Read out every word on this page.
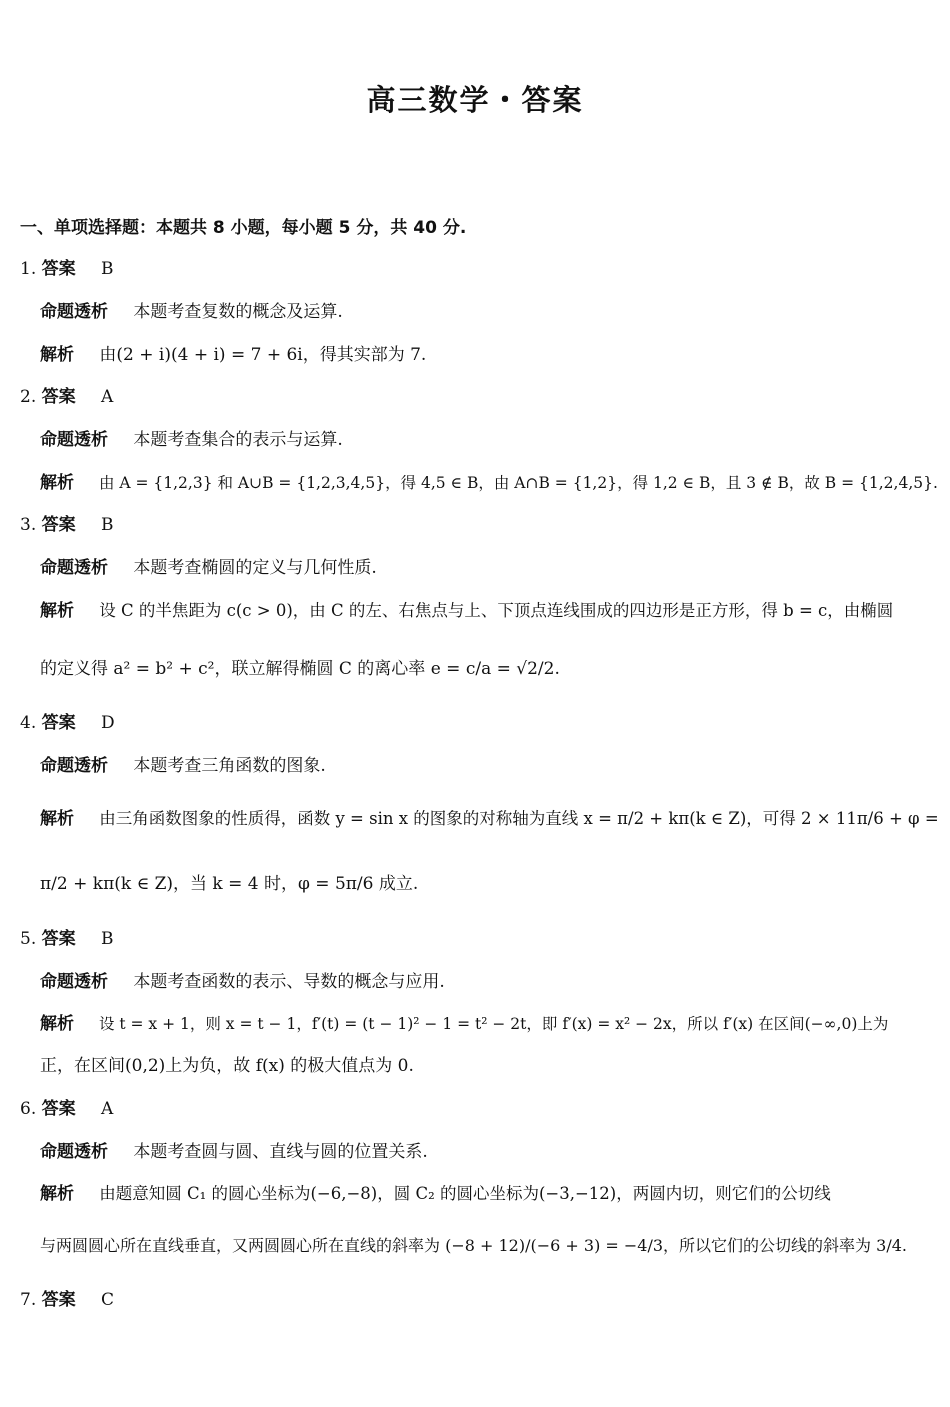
高三数学・答案
一、单项选择题：本题共 8 小题，每小题 5 分，共 40 分.
1. 答案 B
命题透析 本题考查复数的概念及运算.
解析 由(2 + i)(4 + i) = 7 + 6i，得其实部为 7.
2. 答案 A
命题透析 本题考查集合的表示与运算.
解析 由 A = {1,2,3} 和 A∪B = {1,2,3,4,5}，得 4,5 ∈ B，由 A∩B = {1,2}，得 1,2 ∈ B，且 3 ∉ B，故 B = {1,2,4,5}.
3. 答案 B
命题透析 本题考查椭圆的定义与几何性质.
解析 设 C 的半焦距为 c(c > 0)，由 C 的左、右焦点与上、下顶点连线围成的四边形是正方形，得 b = c，由椭圆
的定义得 a² = b² + c²，联立解得椭圆 C 的离心率 e = c/a = √2/2.
4. 答案 D
命题透析 本题考查三角函数的图象.
解析 由三角函数图象的性质得，函数 y = sin x 的图象的对称轴为直线 x = π/2 + kπ(k ∈ Z)，可得 2 × 11π/6 + φ =
π/2 + kπ(k ∈ Z)，当 k = 4 时，φ = 5π/6 成立.
5. 答案 B
命题透析 本题考查函数的表示、导数的概念与应用.
解析 设 t = x + 1，则 x = t − 1，f′(t) = (t − 1)² − 1 = t² − 2t，即 f′(x) = x² − 2x，所以 f′(x) 在区间(−∞,0)上为
正，在区间(0,2)上为负，故 f(x) 的极大值点为 0.
6. 答案 A
命题透析 本题考查圆与圆、直线与圆的位置关系.
解析 由题意知圆 C₁ 的圆心坐标为(−6,−8)，圆 C₂ 的圆心坐标为(−3,−12)，两圆内切，则它们的公切线
与两圆圆心所在直线垂直，又两圆圆心所在直线的斜率为 (−8 + 12)/(−6 + 3) = −4/3，所以它们的公切线的斜率为 3/4.
7. 答案 C
